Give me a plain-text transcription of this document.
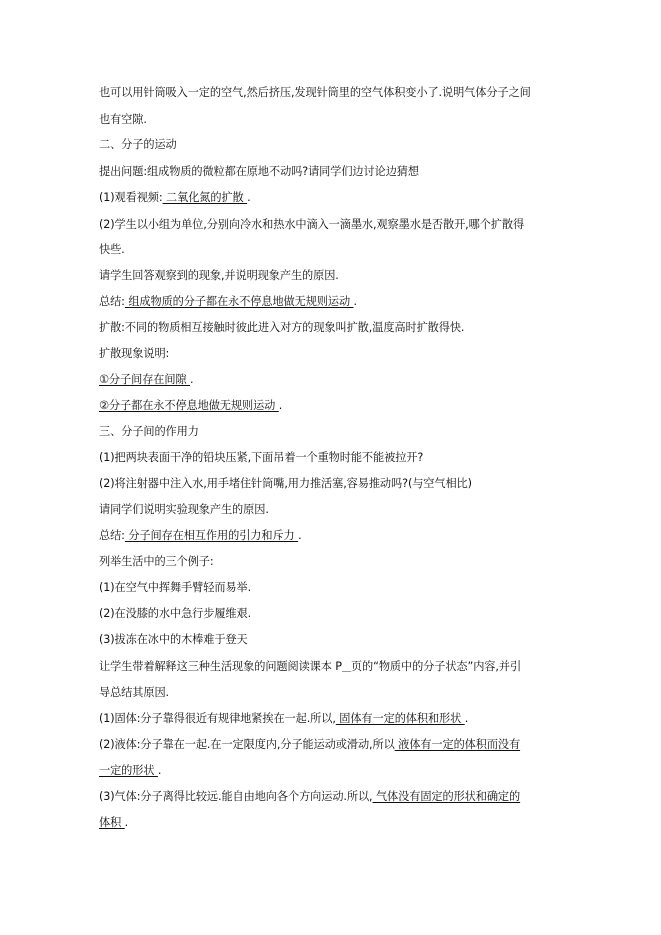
也可以用针筒吸入一定的空气,然后挤压,发现针筒里的空气体积变小了.说明气体分子之间
也有空隙.
二、分子的运动
提出问题:组成物质的微粒都在原地不动吗?请同学们边讨论边猜想
(1)观看视频: 二氧化氮的扩散 .
(2)学生以小组为单位,分别向冷水和热水中滴入一滴墨水,观察墨水是否散开,哪个扩散得
快些.
请学生回答观察到的现象,并说明现象产生的原因.
总结: 组成物质的分子都在永不停息地做无规则运动 .
扩散:不同的物质相互接触时彼此进入对方的现象叫扩散,温度高时扩散得快.
扩散现象说明:
①分子间存在间隙 .
②分子都在永不停息地做无规则运动 .
三、分子间的作用力
(1)把两块表面干净的铅块压紧,下面吊着一个重物时能不能被拉开?
(2)将注射器中注入水,用手堵住针筒嘴,用力推活塞,容易推动吗?(与空气相比)
请同学们说明实验现象产生的原因.
总结: 分子间存在相互作用的引力和斥力 .
列举生活中的三个例子:
(1)在空气中挥舞手臂轻而易举.
(2)在没膝的水中急行步履维艰.
(3)拔冻在冰中的木棒难于登天
让学生带着解释这三种生活现象的问题阅读课本 P___页的“物质中的分子状态”内容,并引
导总结其原因.
(1)固体:分子靠得很近有规律地紧挨在一起.所以, 固体有一定的体积和形状 .
(2)液体:分子靠在一起.在一定限度内,分子能运动或滑动,所以 液体有一定的体积而没有
一定的形状 .
(3)气体:分子离得比较远.能自由地向各个方向运动.所以, 气体没有固定的形状和确定的
体积 .
